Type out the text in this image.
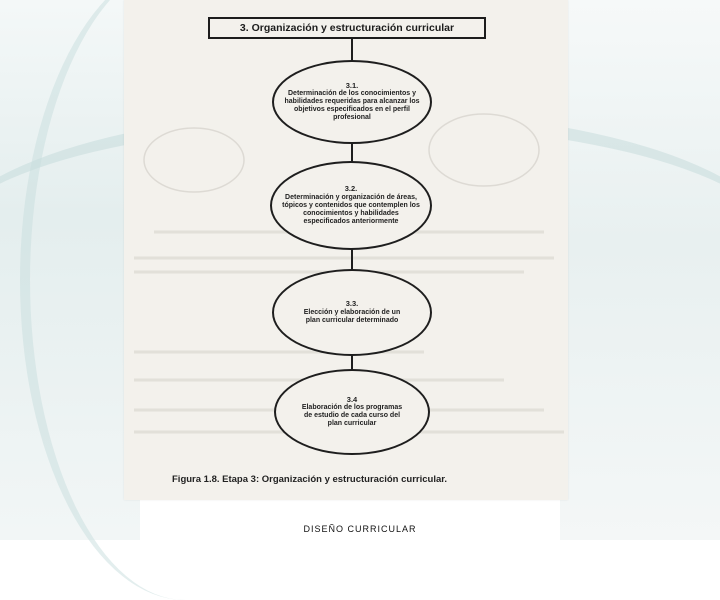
3. Organización y estructuración curricular
3.1.
Determinación de los conocimientos y habilidades requeridas para alcanzar los objetivos especificados en el perfil profesional
3.2.
Determinación y organización de áreas, tópicos y contenidos que contemplen los conocimientos y habilidades especificados anteriormente
3.3.
Elección y elaboración de un plan curricular determinado
3.4
Elaboración de los programas de estudio de cada curso del plan curricular
Figura 1.8. Etapa 3: Organización y estructuración curricular.
DISEÑO CURRICULAR
